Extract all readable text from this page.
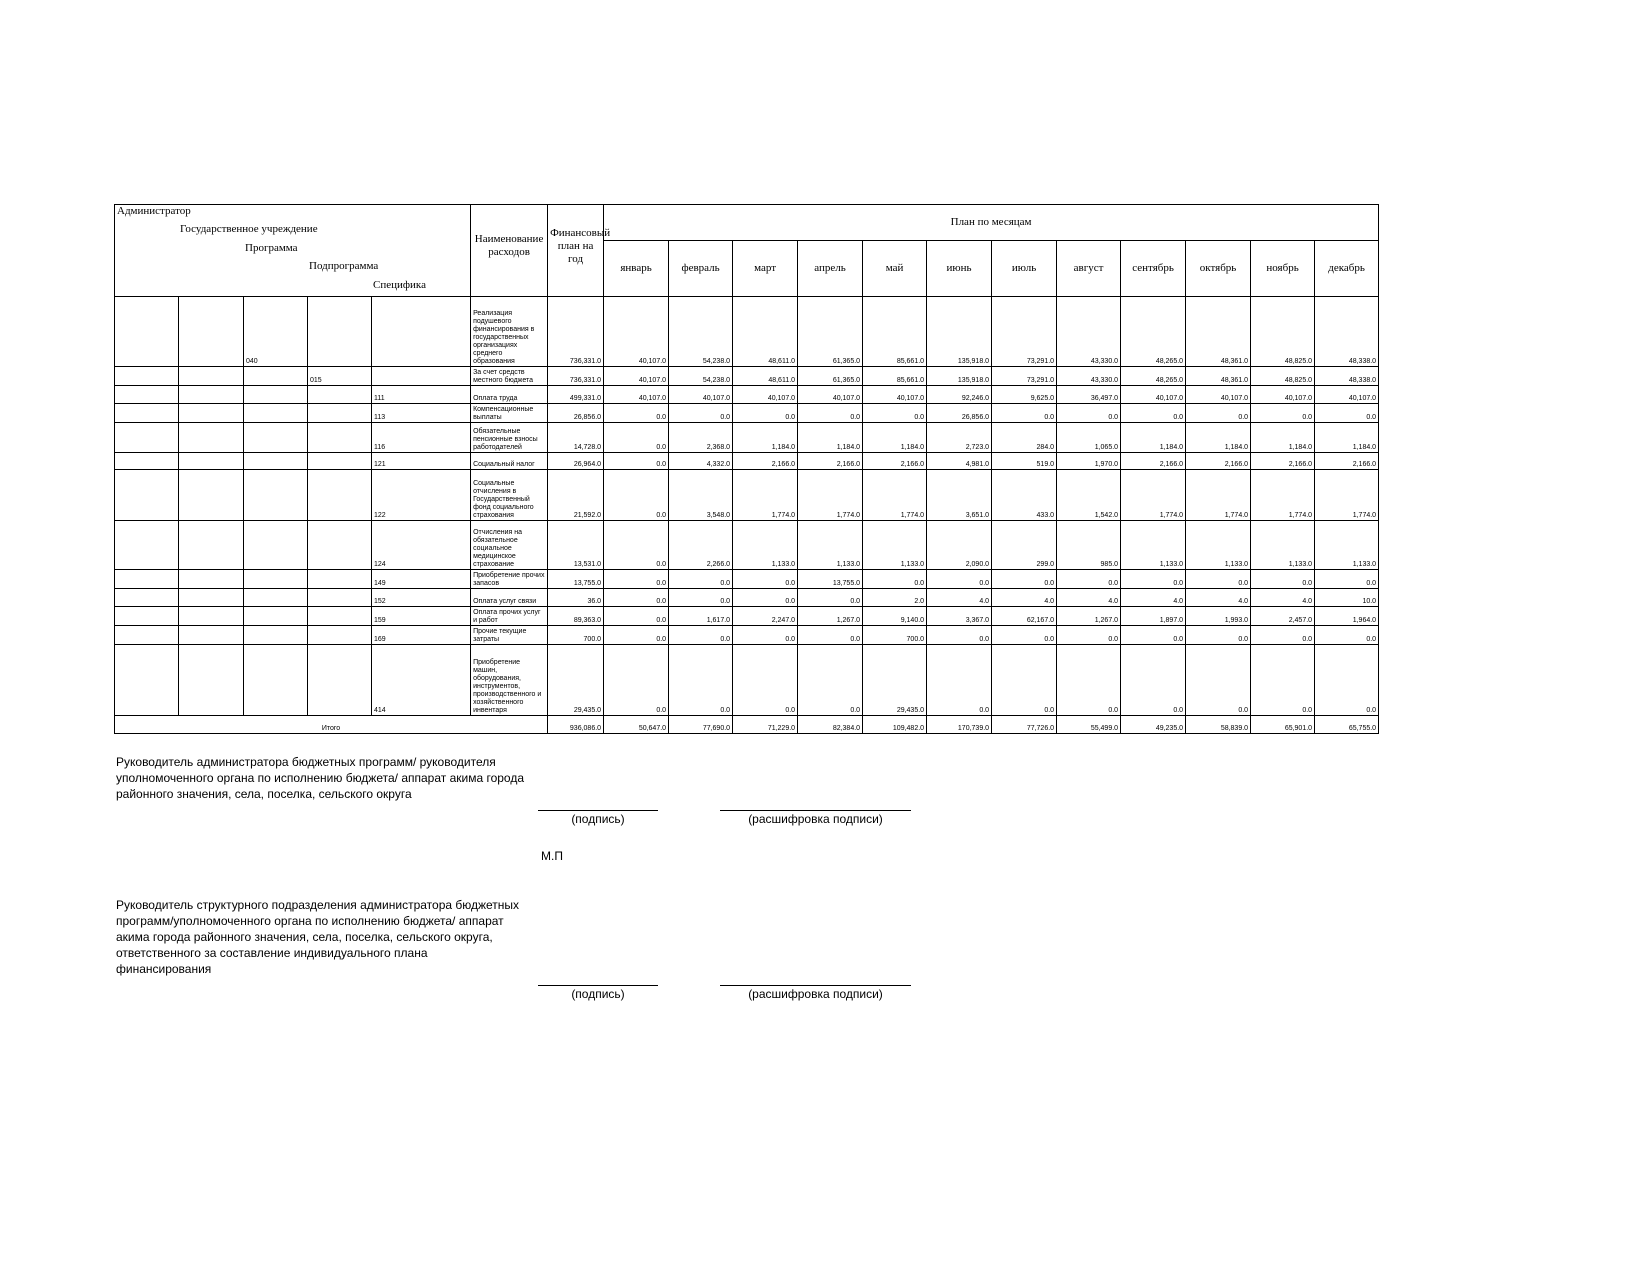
Администратор
Государственное учреждение
Программа
Подпрограмма
Специфика					Наименование расходов	Финансовый план на год	План по месяцам											
							январь	февраль	март	апрель	май	июнь	июль	август	сентябрь	октябрь	ноябрь	декабрь
		040			Реализация подушевого финансирования в государственных организациях среднего образования	736,331.0	40,107.0	54,238.0	48,611.0	61,365.0	85,661.0	135,918.0	73,291.0	43,330.0	48,265.0	48,361.0	48,825.0	48,338.0
			015		За счет средств местного бюджета	736,331.0	40,107.0	54,238.0	48,611.0	61,365.0	85,661.0	135,918.0	73,291.0	43,330.0	48,265.0	48,361.0	48,825.0	48,338.0
				111	Оплата труда	499,331.0	40,107.0	40,107.0	40,107.0	40,107.0	40,107.0	92,246.0	9,625.0	36,497.0	40,107.0	40,107.0	40,107.0	40,107.0
				113	Компенсационные выплаты	26,856.0	0.0	0.0	0.0	0.0	0.0	26,856.0	0.0	0.0	0.0	0.0	0.0	0.0
				116	Обязательные пенсионные взносы работодателей	14,728.0	0.0	2,368.0	1,184.0	1,184.0	1,184.0	2,723.0	284.0	1,065.0	1,184.0	1,184.0	1,184.0	1,184.0
				121	Социальный налог	26,964.0	0.0	4,332.0	2,166.0	2,166.0	2,166.0	4,981.0	519.0	1,970.0	2,166.0	2,166.0	2,166.0	2,166.0
				122	Социальные отчисления в Государственный фонд социального страхования	21,592.0	0.0	3,548.0	1,774.0	1,774.0	1,774.0	3,651.0	433.0	1,542.0	1,774.0	1,774.0	1,774.0	1,774.0
				124	Отчисления на обязательное социальное медицинское страхование	13,531.0	0.0	2,266.0	1,133.0	1,133.0	1,133.0	2,090.0	299.0	985.0	1,133.0	1,133.0	1,133.0	1,133.0
				149	Приобретение прочих запасов	13,755.0	0.0	0.0	0.0	13,755.0	0.0	0.0	0.0	0.0	0.0	0.0	0.0	0.0
				152	Оплата услуг связи	36.0	0.0	0.0	0.0	0.0	2.0	4.0	4.0	4.0	4.0	4.0	4.0	10.0
				159	Оплата прочих услуг и работ	89,363.0	0.0	1,617.0	2,247.0	1,267.0	9,140.0	3,367.0	62,167.0	1,267.0	1,897.0	1,993.0	2,457.0	1,964.0
				169	Прочие текущие затраты	700.0	0.0	0.0	0.0	0.0	700.0	0.0	0.0	0.0	0.0	0.0	0.0	0.0
				414	Приобретение машин, оборудования, инструментов, производственного и хозяйственного инвентаря	29,435.0	0.0	0.0	0.0	0.0	29,435.0	0.0	0.0	0.0	0.0	0.0	0.0	0.0
Итого						936,086.0	50,647.0	77,690.0	71,229.0	82,384.0	109,482.0	170,739.0	77,726.0	55,499.0	49,235.0	58,839.0	65,901.0	65,755.0
Руководитель администратора бюджетных программ/ руководителя уполномоченного органа по исполнению бюджета/ аппарат акима города районного значения, села, поселка, сельского округа
(подпись)	(расшифровка подписи)
М.П
Руководитель структурного подразделения администратора бюджетных программ/уполномоченного органа по исполнению бюджета/ аппарат акима города районного значения, села, поселка, сельского округа, ответственного за составление индивидуального плана финансирования
(подпись)	(расшифровка подписи)
